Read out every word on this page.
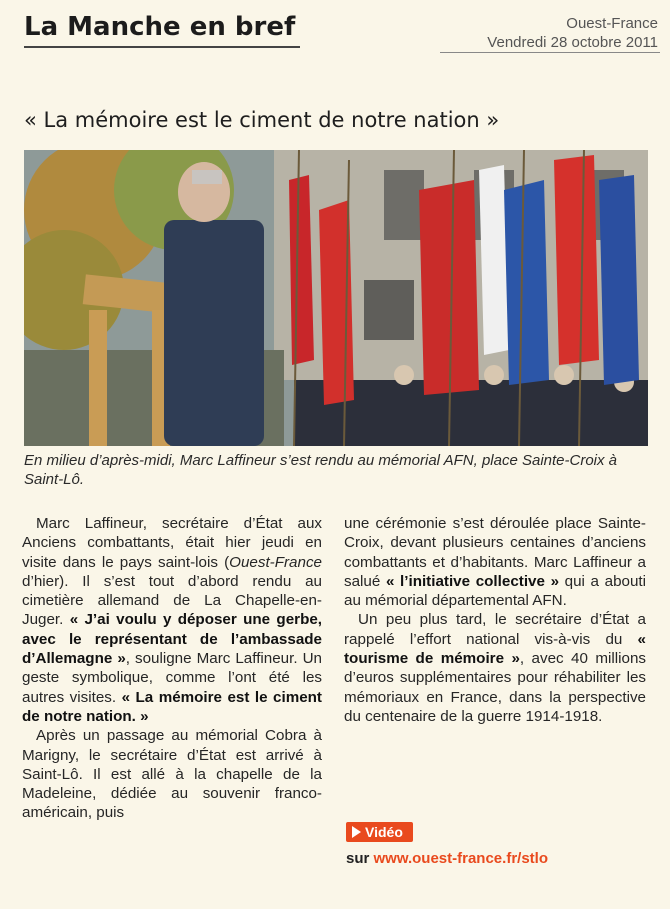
La Manche en bref	Ouest-France
Vendredi 28 octobre 2011
« La mémoire est le ciment de notre nation »
En milieu d’après-midi, Marc Laffineur s’est rendu au mémorial AFN, place Sainte-Croix à Saint-Lô.

Marc Laffineur, secrétaire d’État aux Anciens combattants, était hier jeudi en visite dans le pays saint-lois (Ouest-France d’hier). Il s’est tout d’abord rendu au cimetière allemand de La Chapelle-en-Juger. « J’ai voulu y déposer une gerbe, avec le représentant de l’ambassade d’Allemagne », souligne Marc Laffineur. Un geste symbolique, comme l’ont été les autres visites. « La mémoire est le ciment de notre nation. »

Après un passage au mémorial Cobra à Marigny, le secrétaire d’État est arrivé à Saint-Lô. Il est allé à la chapelle de la Madeleine, dédiée au souvenir franco-américain, puis

une cérémonie s’est déroulée place Sainte-Croix, devant plusieurs centaines d’anciens combattants et d’habitants. Marc Laffineur a salué « l’initiative collective » qui a abouti au mémorial départemental AFN.

Un peu plus tard, le secrétaire d’État a rappelé l’effort national vis-à-vis du « tourisme de mémoire », avec 40 millions d’euros supplémentaires pour réhabiliter les mémoriaux en France, dans la perspective du centenaire de la guerre 1914-1918.

Vidéo
sur www.ouest-france.fr/stlo
